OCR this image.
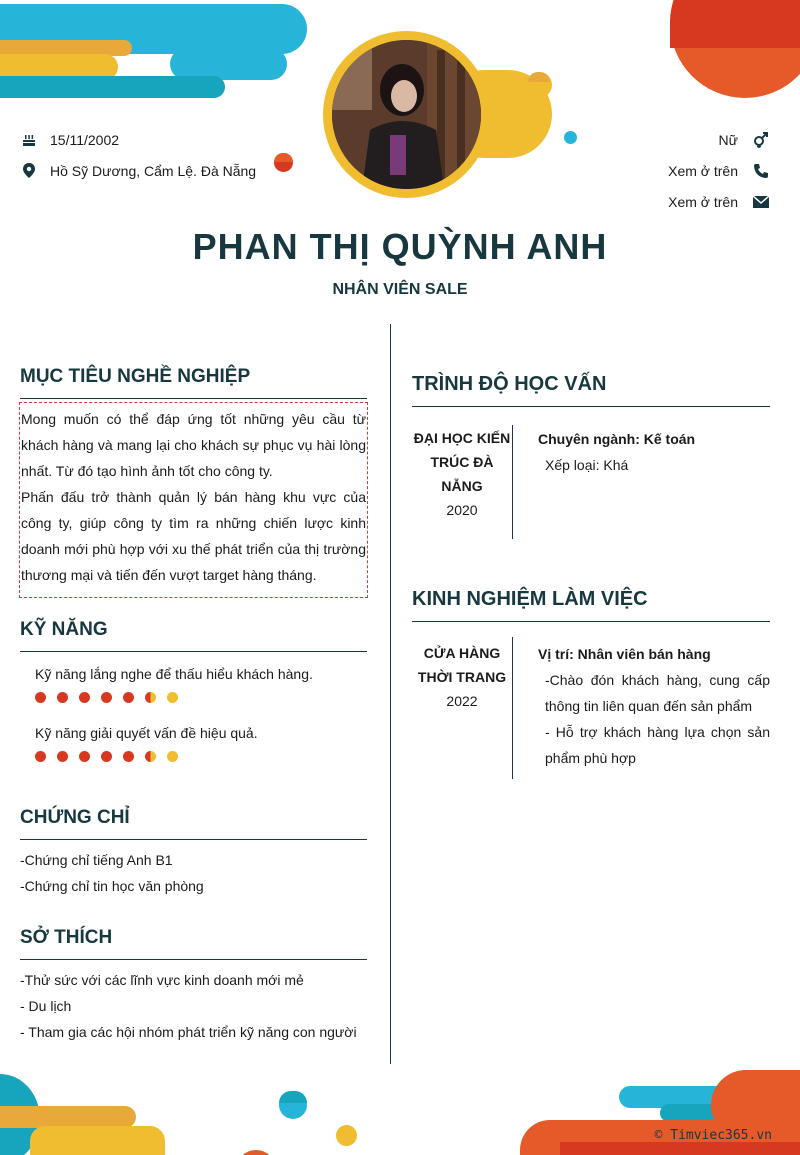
15/11/2002
Hồ Sỹ Dương, Cẩm Lệ. Đà Nẵng
Nữ
Xem ở trên
Xem ở trên
PHAN THỊ QUỲNH ANH
NHÂN VIÊN SALE
MỤC TIÊU NGHỀ NGHIỆP
Mong muốn có thể đáp ứng tốt những yêu cầu từ khách hàng và mang lại cho khách sự phục vụ hài lòng nhất. Từ đó tạo hình ảnh tốt cho công ty.
Phấn đấu trở thành quản lý bán hàng khu vực của công ty, giúp công ty tìm ra những chiến lược kinh doanh mới phù hợp với xu thế phát triển của thị trường thương mại và tiến đến vượt target hàng tháng.
KỸ NĂNG
Kỹ năng lắng nghe để thấu hiểu khách hàng.
Kỹ năng giải quyết vấn đề hiệu quả.
CHỨNG CHỈ
-Chứng chỉ tiếng Anh B1
-Chứng chỉ tin học văn phòng
SỞ THÍCH
-Thử sức với các lĩnh vực kinh doanh mới mẻ
- Du lịch
- Tham gia các hội nhóm phát triển kỹ năng con người
TRÌNH ĐỘ HỌC VẤN
ĐẠI HỌC KIẾN TRÚC ĐÀ NẴNG
2020
Chuyên ngành: Kế toán
Xếp loại: Khá
KINH NGHIỆM LÀM VIỆC
CỬA HÀNG THỜI TRANG
2022
Vị trí: Nhân viên bán hàng
-Chào đón khách hàng, cung cấp thông tin liên quan đến sản phẩm
- Hỗ trợ khách hàng lựa chọn sản phẩm phù hợp
© Timviec365.vn
